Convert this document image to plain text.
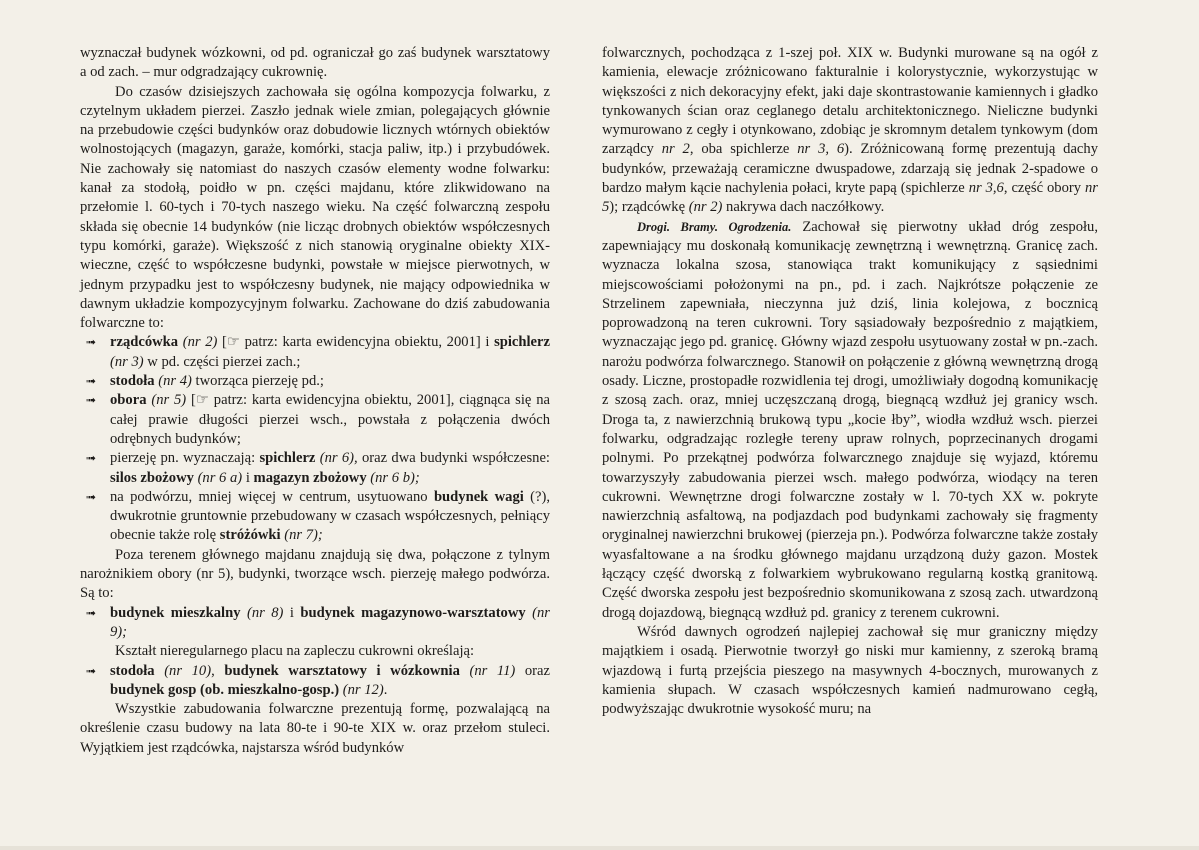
wyznaczał budynek wózkowni, od pd. ograniczał go zaś budynek warsztatowy a od zach. – mur odgradzający cukrownię.

Do czasów dzisiejszych zachowała się ogólna kompozycja folwarku, z czytelnym układem pierzei. Zaszło jednak wiele zmian, polegających głównie na przebudowie części budynków oraz dobudowie licznych wtórnych obiektów wolnostojących (magazyn, garaże, komórki, stacja paliw, itp.) i przybudówek. Nie zachowały się natomiast do naszych czasów elementy wodne folwarku: kanał za stodołą, poidło w pn. części majdanu, które zlikwidowano na przełomie l. 60-tych i 70-tych naszego wieku. Na część folwarczną zespołu składa się obecnie 14 budynków (nie licząc drobnych obiektów współczesnych typu komórki, garaże). Większość z nich stanowią oryginalne obiekty XIX-wieczne, część to współczesne budynki, powstałe w miejsce pierwotnych, w jednym przypadku jest to współczesny budynek, nie mający odpowiednika w dawnym układzie kompozycyjnym folwarku. Zachowane do dziś zabudowania folwarczne to:

➟ rządcówka (nr 2) [☞ patrz: karta ewidencyjna obiektu, 2001] i spichlerz (nr 3) w pd. części pierzei zach.;
➟ stodoła (nr 4) tworząca pierzeję pd.;
➟ obora (nr 5) [☞ patrz: karta ewidencyjna obiektu, 2001], ciągnąca się na całej prawie długości pierzei wsch., powstała z połączenia dwóch odrębnych budynków;
➟ pierzeję pn. wyznaczają: spichlerz (nr 6), oraz dwa budynki współczesne: silos zbożowy (nr 6 a) i magazyn zbożowy (nr 6 b);
➟ na podwórzu, mniej więcej w centrum, usytuowano budynek wagi (?), dwukrotnie gruntownie przebudowany w czasach współczesnych, pełniący obecnie także rolę stróżówki (nr 7);

Poza terenem głównego majdanu znajdują się dwa, połączone z tylnym narożnikiem obory (nr 5), budynki, tworzące wsch. pierzeję małego podwórza. Są to:

➟ budynek mieszkalny (nr 8) i budynek magazynowo-warsztatowy (nr 9);

Kształt nieregularnego placu na zapleczu cukrowni określają:

➟ stodoła (nr 10), budynek warsztatowy i wózkownia (nr 11) oraz budynek gosp (ob. mieszkalno-gosp.) (nr 12).

Wszystkie zabudowania folwarczne prezentują formę, pozwalającą na określenie czasu budowy na lata 80-te i 90-te XIX w. oraz przełom stuleci. Wyjątkiem jest rządcówka, najstarsza wśród budynków

folwarcznych, pochodząca z 1-szej poł. XIX w. Budynki murowane są na ogół z kamienia, elewacje zróżnicowano fakturalnie i kolorystycznie, wykorzystując w większości z nich dekoracyjny efekt, jaki daje skontrastowanie kamiennych i gładko tynkowanych ścian oraz ceglanego detalu architektonicznego. Nieliczne budynki wymurowano z cegły i otynkowano, zdobiąc je skromnym detalem tynkowym (dom zarządcy nr 2, oba spichlerze nr 3, 6). Zróżnicowaną formę prezentują dachy budynków, przeważają ceramiczne dwuspadowe, zdarzają się jednak 2-spadowe o bardzo małym kącie nachylenia połaci, kryte papą (spichlerze nr 3,6, część obory nr 5); rządcówkę (nr 2) nakrywa dach naczółkowy.

Drogi. Bramy. Ogrodzenia. Zachował się pierwotny układ dróg zespołu, zapewniający mu doskonałą komunikację zewnętrzną i wewnętrzną. Granicę zach. wyznacza lokalna szosa, stanowiąca trakt komunikujący z sąsiednimi miejscowościami położonymi na pn., pd. i zach. Najkrótsze połączenie ze Strzelinem zapewniała, nieczynna już dziś, linia kolejowa, z bocznicą poprowadzoną na teren cukrowni. Tory sąsiadowały bezpośrednio z majątkiem, wyznaczając jego pd. granicę. Główny wjazd zespołu usytuowany został w pn.-zach. narożu podwórza folwarcznego. Stanowił on połączenie z główną wewnętrzną drogą osady. Liczne, prostopadłe rozwidlenia tej drogi, umożliwiały dogodną komunikację z szosą zach. oraz, mniej uczęszczaną drogą, biegnącą wzdłuż jej granicy wsch. Droga ta, z nawierzchnią brukową typu „kocie łby”, wiodła wzdłuż wsch. pierzei folwarku, odgradzając rozległe tereny upraw rolnych, poprzecinanych drogami polnymi. Po przekątnej podwórza folwarcznego znajduje się wyjazd, któremu towarzyszyły zabudowania pierzei wsch. małego podwórza, wiodący na teren cukrowni. Wewnętrzne drogi folwarczne zostały w l. 70-tych XX w. pokryte nawierzchnią asfaltową, na podjazdach pod budynkami zachowały się fragmenty oryginalnej nawierzchni brukowej (pierzeja pn.). Podwórza folwarczne także zostały wyasfaltowane a na środku głównego majdanu urządzoną duży gazon. Mostek łączący część dworską z folwarkiem wybrukowano regularną kostką granitową. Część dworska zespołu jest bezpośrednio skomunikowana z szosą zach. utwardzoną drogą dojazdową, biegnącą wzdłuż pd. granicy z terenem cukrowni.

Wśród dawnych ogrodzeń najlepiej zachował się mur graniczny między majątkiem i osadą. Pierwotnie tworzył go niski mur kamienny, z szeroką bramą wjazdową i furtą przejścia pieszego na masywnych 4-bocznych, murowanych z kamienia słupach. W czasach współczesnych kamień nadmurowano cegłą, podwyższając dwukrotnie wysokość muru; na
